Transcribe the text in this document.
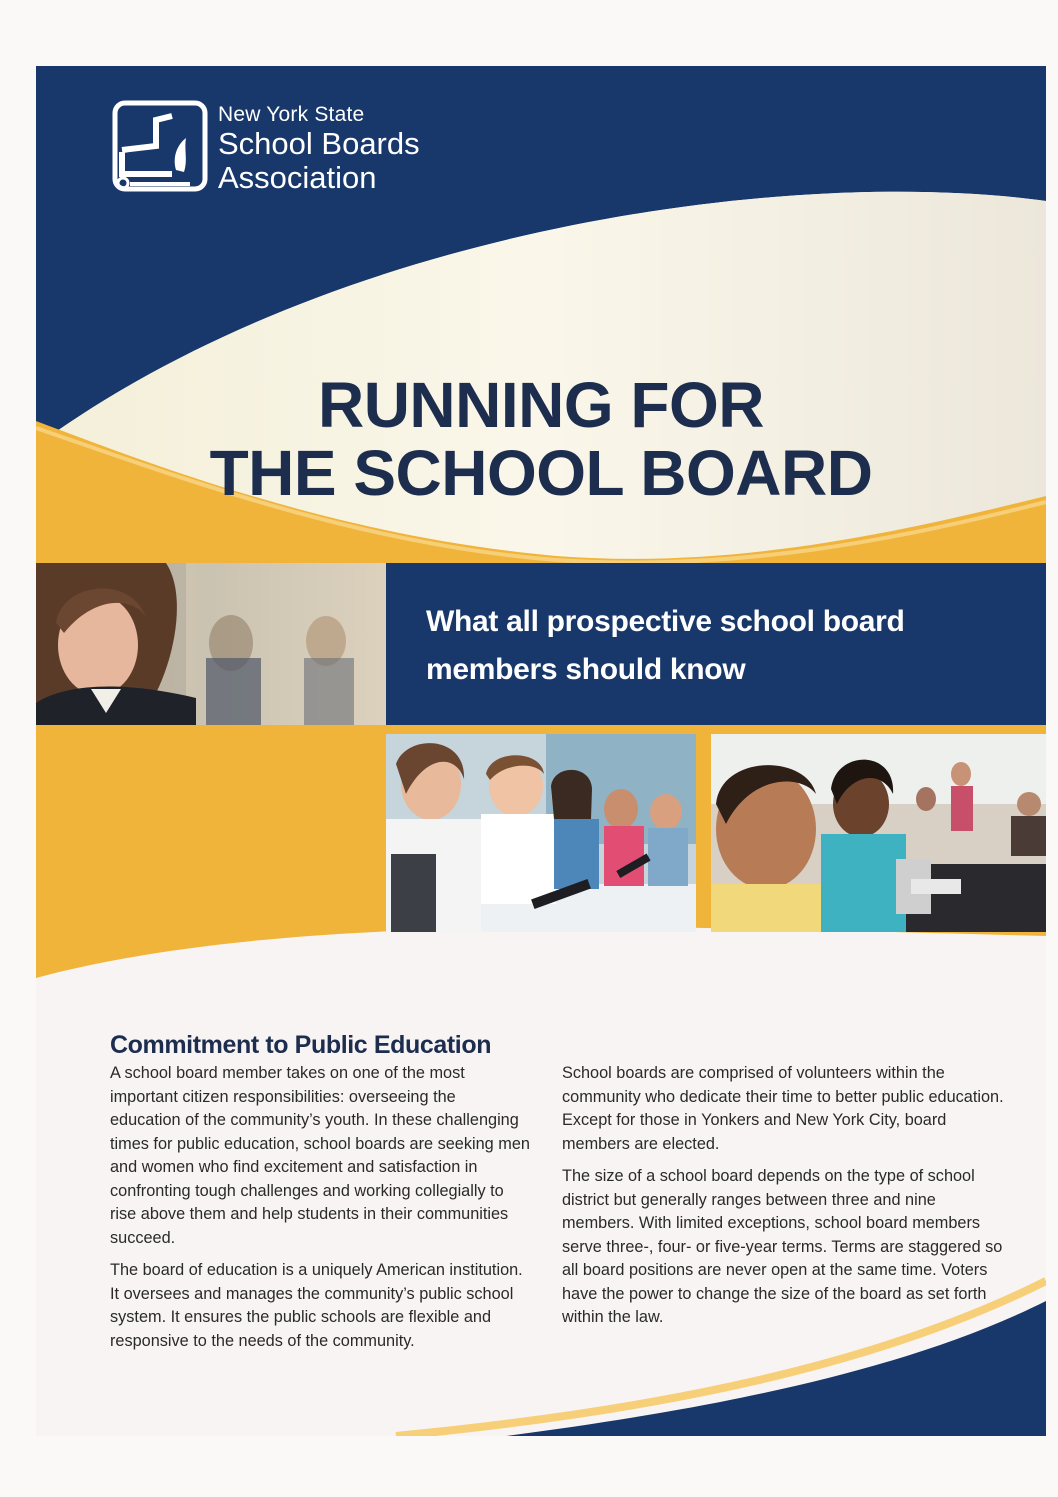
New York State
School Boards
Association
RUNNING FOR
THE SCHOOL BOARD
What all prospective school board
members should know
Commitment to Public Education

A school board member takes on one of the most important citizen responsibilities: overseeing the education of the community’s youth. In these challenging times for public education, school boards are seeking men and women who find excitement and satisfaction in confronting tough challenges and working collegially to rise above them and help students in their communities succeed.

The board of education is a uniquely American institution. It oversees and manages the community’s public school system. It ensures the public schools are flexible and responsive to the needs of the community.

School boards are comprised of volunteers within the community who dedicate their time to better public education. Except for those in Yonkers and New York City, board members are elected.

The size of a school board depends on the type of school district but generally ranges between three and nine members. With limited exceptions, school board members serve three-, four- or five-year terms. Terms are staggered so all board positions are never open at the same time. Voters have the power to change the size of the board as set forth within the law.
